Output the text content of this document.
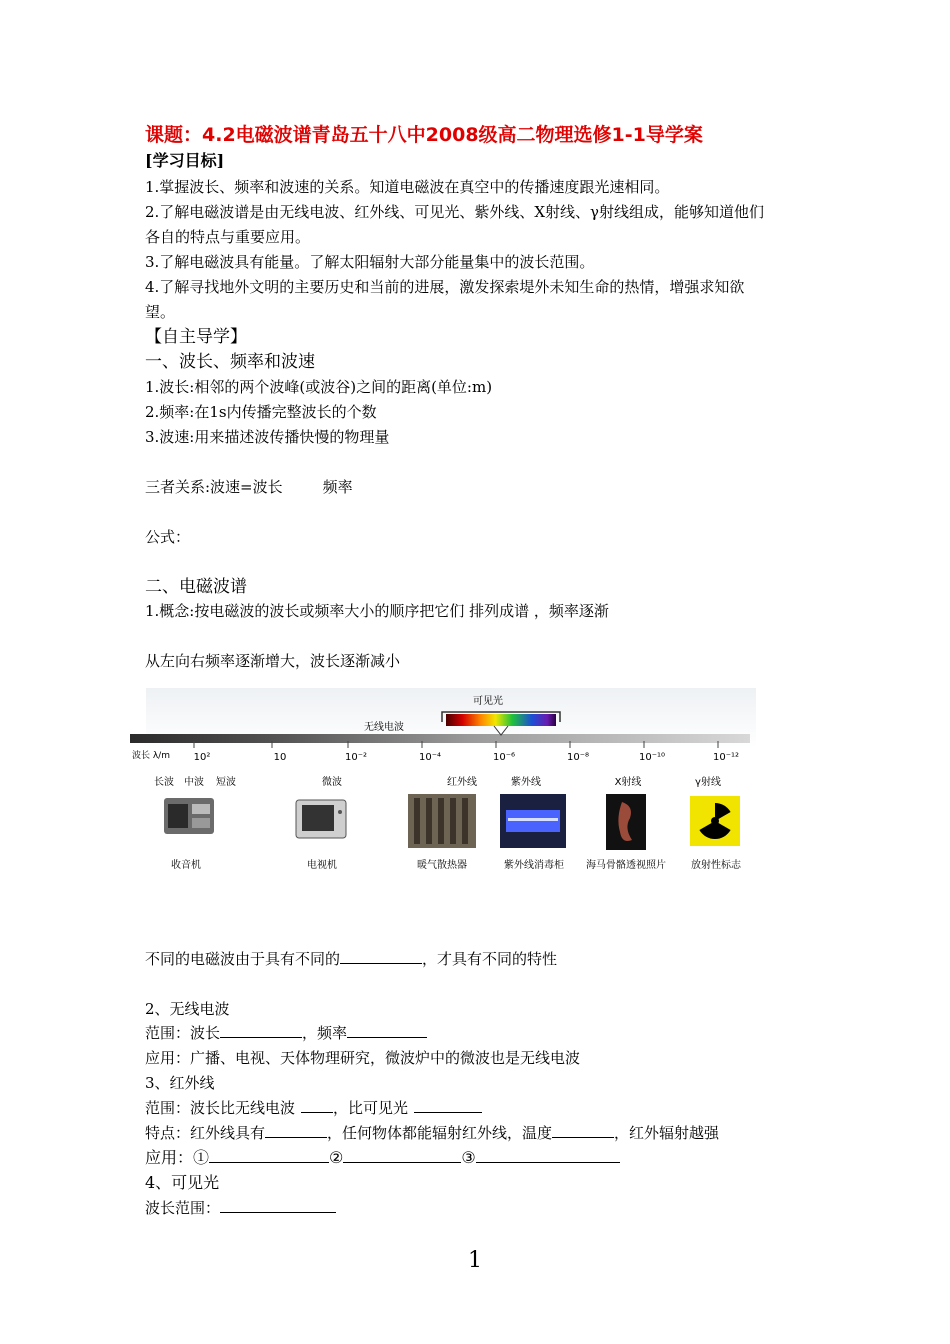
课题：4.2电磁波谱青岛五十八中2008级高二物理选修1-1导学案
[学习目标]
1.掌握波长、频率和波速的关系。知道电磁波在真空中的传播速度跟光速相同。
2.了解电磁波谱是由无线电波、红外线、可见光、紫外线、X射线、γ射线组成，能够知道他们
各自的特点与重要应用。
3.了解电磁波具有能量。了解太阳辐射大部分能量集中的波长范围。
4.了解寻找地外文明的主要历史和当前的进展，激发探索堤外未知生命的热情，增强求知欲
望。
【自主导学】
一、波长、频率和波速
1.波长:相邻的两个波峰(或波谷)之间的距离(单位:m)
2.频率:在1s内传播完整波长的个数
3.波速:用来描述波传播快慢的物理量
三者关系:波速=波长	频率
公式：
二、电磁波谱
1.概念:按电磁波的波长或频率大小的顺序把它们 排列成谱 ，频率逐渐
从左向右频率逐渐增大，波长逐渐减小
可见光
无线电波
波长 λ/m 10²	10	10⁻²	10⁻⁴	10⁻⁶	10⁻⁸	10⁻¹⁰	10⁻¹²
长波 中波 短波	微波	红外线	紫外线	X射线	γ射线
收音机	电视机	暖气散热器	紫外线消毒柜 海马骨骼透视照片	放射性标志
不同的电磁波由于具有不同的	，才具有不同的特性
2、无线电波
范围：波长	，频率
应用：广播、电视、天体物理研究，微波炉中的微波也是无线电波
3、红外线
范围：波长比无线电波	，比可见光
特点：红外线具有	，任何物体都能辐射红外线，温度	，红外辐射越强
应用：①	②	③
4、可见光
波长范围：
1
